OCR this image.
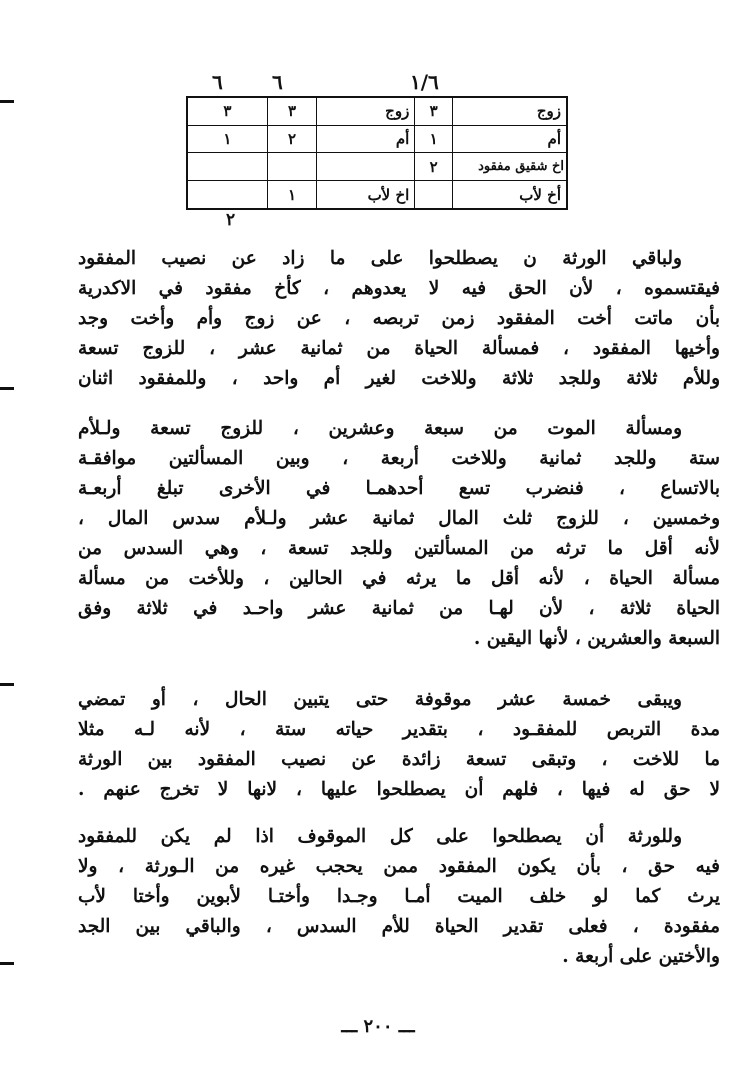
٦ ٦	١/٦
زوج	٣	زوج	٣	٣
أم	١	أم	٢	١
اخ شقيق مفقود	٢			
أخ لأب		اخ لأب	١	
٢
ولباقي الورثة ن يصطلحوا على ما زاد عن نصيب المفقود
فيقتسموه ، لأن الحق فيه لا يعدوهم ، كأخ مفقود في الاكدرية
بأن ماتت أخت المفقود زمن تربصه ، عن زوج وأم وأخت وجد
وأخيها المفقود ، فمسألة الحياة من ثمانية عشر ، للزوج تسعة
وللأم ثلاثة وللجد ثلاثة وللاخت لغير أم واحد ، وللمفقود اثنان
ومسألة الموت من سبعة وعشرين ، للزوج تسعة ولـلأم
ستة وللجد ثمانية وللاخت أربعة ، وبين المسألتين موافقـة
بالاتساع ، فنضرب تسع أحدهمـا في الأخرى تبلغ أربعـة
وخمسين ، للزوج ثلث المال ثمانية عشر ولـلأم سدس المال ،
لأنه أقل ما ترثه من المسألتين وللجد تسعة ، وهي السدس من
مسألة الحياة ، لأنه أقل ما يرثه في الحالين ، وللأخت من مسألة
الحياة ثلاثة ، لأن لهـا من ثمانية عشر واحـد في ثلاثة وفق
السبعة والعشرين ، لأنها اليقين .
ويبقى خمسة عشر موقوفة حتى يتبين الحال ، أو تمضي
مدة التربص للمفقـود ، بتقدير حياته ستة ، لأنه لـه مثلا
ما للاخت ، وتبقى تسعة زائدة عن نصيب المفقود بين الورثة
لا حق له فيها ، فلهم أن يصطلحوا عليها ، لانها لا تخرج عنهم .
وللورثة أن يصطلحوا على كل الموقوف اذا لم يكن للمفقود
فيه حق ، بأن يكون المفقود ممن يحجب غيره من الـورثة ، ولا
يرث كما لو خلف الميت أمـا وجـدا وأختـا لأبوين وأختا لأب
مفقودة ، فعلى تقدير الحياة للأم السدس ، والباقي بين الجد
والأختين على أربعة .
ـــ ٢٠٠ ـــ
